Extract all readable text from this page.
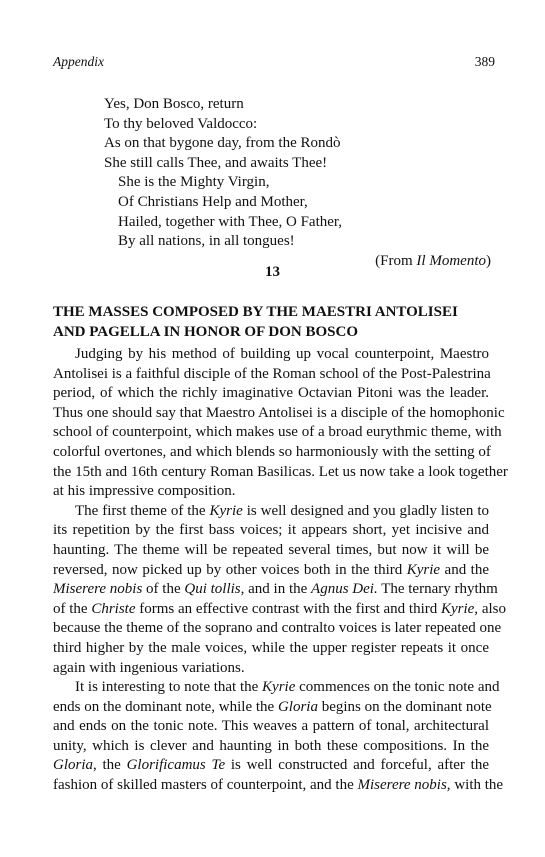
Appendix	389
Yes, Don Bosco, return
To thy beloved Valdocco:
As on that bygone day, from the Rondò
She still calls Thee, and awaits Thee!
She is the Mighty Virgin,
Of Christians Help and Mother,
Hailed, together with Thee, O Father,
By all nations, in all tongues!
(From Il Momento)
13
THE MASSES COMPOSED BY THE MAESTRI ANTOLISEI
AND PAGELLA IN HONOR OF DON BOSCO
Judging by his method of building up vocal counterpoint, Maestro
Antolisei is a faithful disciple of the Roman school of the Post-Palestrina
period, of which the richly imaginative Octavian Pitoni was the leader.
Thus one should say that Maestro Antolisei is a disciple of the homophonic
school of counterpoint, which makes use of a broad eurythmic theme, with
colorful overtones, and which blends so harmoniously with the setting of
the 15th and 16th century Roman Basilicas. Let us now take a look together
at his impressive composition.
The first theme of the Kyrie is well designed and you gladly listen to
its repetition by the first bass voices; it appears short, yet incisive and
haunting. The theme will be repeated several times, but now it will be
reversed, now picked up by other voices both in the third Kyrie and the
Miserere nobis of the Qui tollis, and in the Agnus Dei. The ternary rhythm
of the Christe forms an effective contrast with the first and third Kyrie, also
because the theme of the soprano and contralto voices is later repeated one
third higher by the male voices, while the upper register repeats it once
again with ingenious variations.
It is interesting to note that the Kyrie commences on the tonic note and
ends on the dominant note, while the Gloria begins on the dominant note
and ends on the tonic note. This weaves a pattern of tonal, architectural
unity, which is clever and haunting in both these compositions. In the
Gloria, the Glorificamus Te is well constructed and forceful, after the
fashion of skilled masters of counterpoint, and the Miserere nobis, with the
